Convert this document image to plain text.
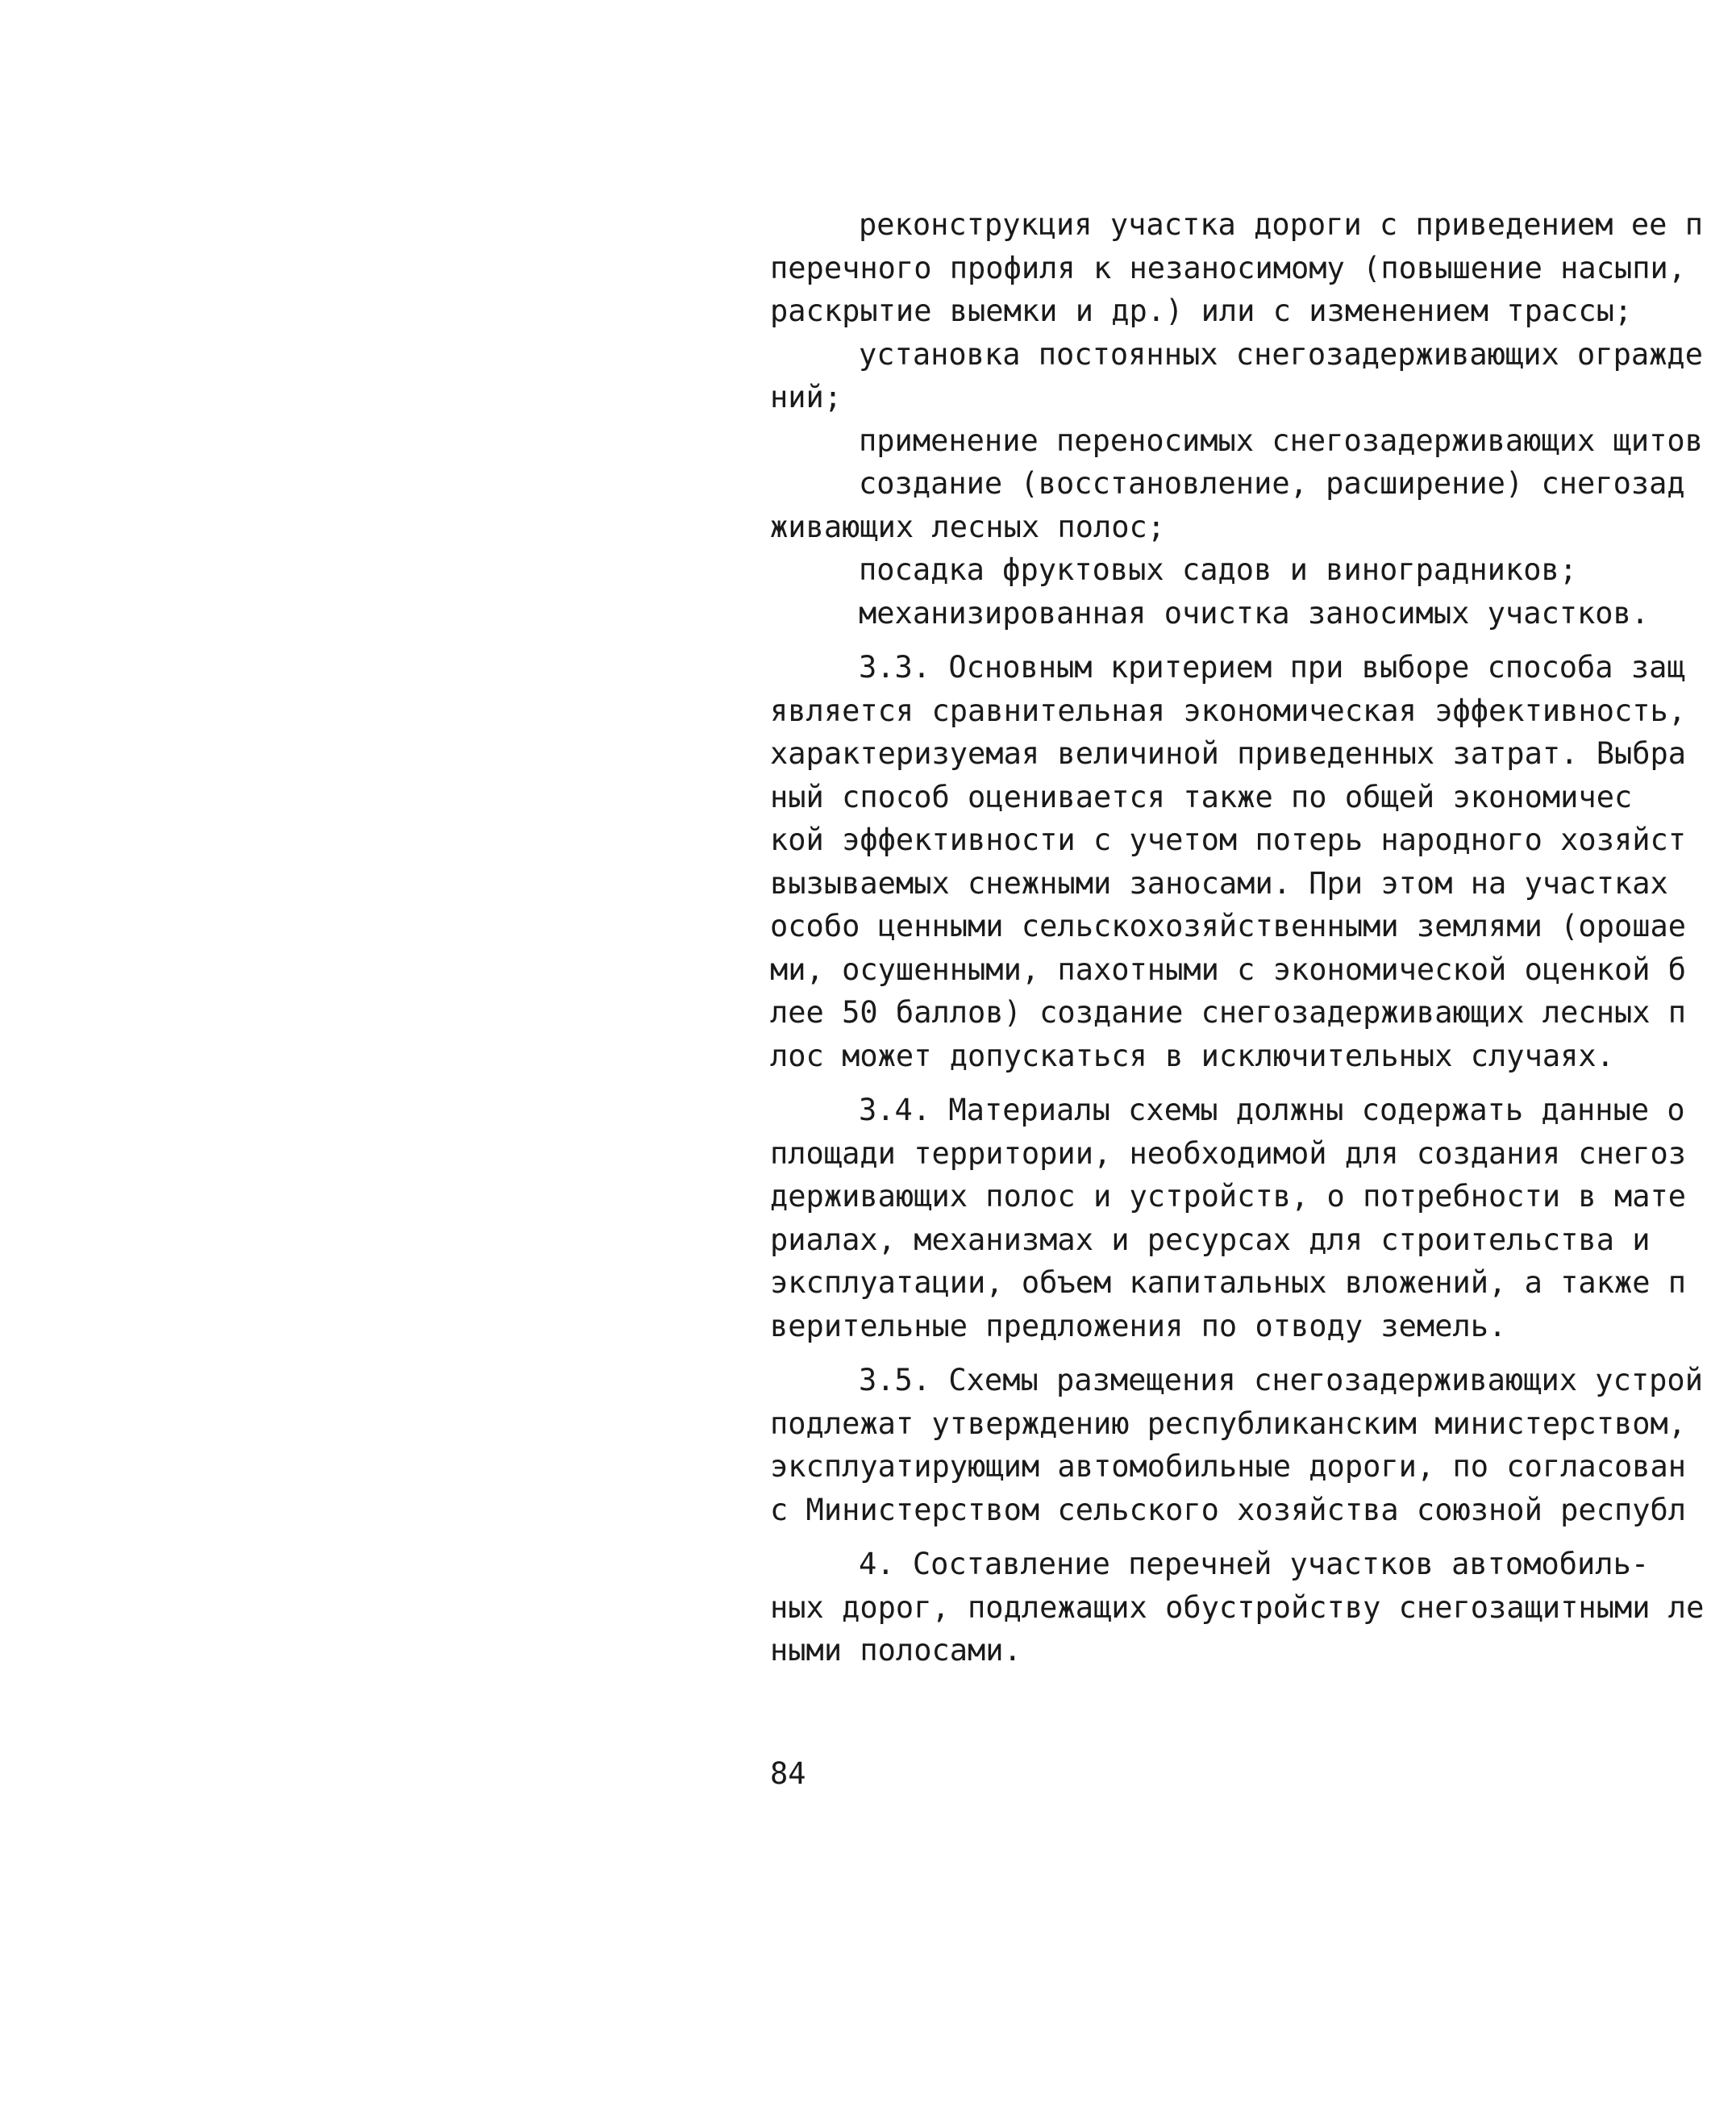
реконструкция участка дороги с приведением ее п
перечного профиля к незаносимому (повышение насыпи,
раскрытие выемки и др.) или с изменением трассы;
установка постоянных снегозадерживающих огражде
ний;
применение переносимых снегозадерживающих щитов
создание (восстановление, расширение) снегозад
живающих лесных полос;
посадка фруктовых садов и виноградников;
механизированная очистка заносимых участков.
3.3. Основным критерием при выборе способа защ
является сравнительная экономическая эффективность,
характеризуемая величиной приведенных затрат. Выбра
ный способ оценивается также по общей экономичес
кой эффективности с учетом потерь народного хозяйст
вызываемых снежными заносами. При этом на участках
особо ценными сельскохозяйственными землями (орошае
ми, осушенными, пахотными с экономической оценкой б
лее 50 баллов) создание снегозадерживающих лесных п
лос может допускаться в исключительных случаях.
3.4. Материалы схемы должны содержать данные о
площади территории, необходимой для создания снегоз
держивающих полос и устройств, о потребности в мате
риалах, механизмах и ресурсах для строительства и
эксплуатации, объем капитальных вложений, а также п
верительные предложения по отводу земель.
3.5. Схемы размещения снегозадерживающих устрой
подлежат утверждению республиканским министерством,
эксплуатирующим автомобильные дороги, по согласован
с Министерством сельского хозяйства союзной республ
4. Составление перечней участков автомобиль-
ных дорог, подлежащих обустройству снегозащитными ле
ными полосами.
84
